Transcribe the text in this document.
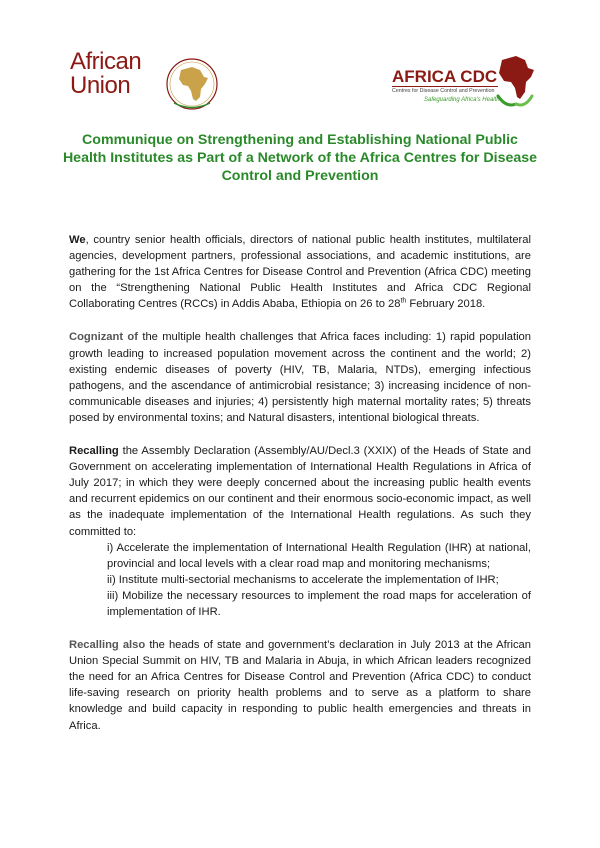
African
Union	AFRICA CDC
Centres for Disease Control and Prevention
Safeguarding Africa's Health
Communique on Strengthening and Establishing National Public Health Institutes as Part of a Network of the Africa Centres for Disease Control and Prevention

We, country senior health officials, directors of national public health institutes, multilateral agencies, development partners, professional associations, and academic institutions, are gathering for the 1st Africa Centres for Disease Control and Prevention (Africa CDC) meeting on the “Strengthening National Public Health Institutes and Africa CDC Regional Collaborating Centres (RCCs) in Addis Ababa, Ethiopia on 26 to 28th February 2018.

Cognizant of the multiple health challenges that Africa faces including: 1) rapid population growth leading to increased population movement across the continent and the world; 2) existing endemic diseases of poverty (HIV, TB, Malaria, NTDs), emerging infectious pathogens, and the ascendance of antimicrobial resistance; 3) increasing incidence of non-communicable diseases and injuries; 4) persistently high maternal mortality rates; 5) threats posed by environmental toxins; and Natural disasters, intentional biological threats.

Recalling the Assembly Declaration (Assembly/AU/Decl.3 (XXIX) of the Heads of State and Government on accelerating implementation of International Health Regulations in Africa of July 2017; in which they were deeply concerned about the increasing public health events and recurrent epidemics on our continent and their enormous socio-economic impact, as well as the inadequate implementation of the International Health regulations. As such they committed to:

i) Accelerate the implementation of International Health Regulation (IHR) at national, provincial and local levels with a clear road map and monitoring mechanisms;
ii) Institute multi-sectorial mechanisms to accelerate the implementation of IHR;
iii) Mobilize the necessary resources to implement the road maps for acceleration of implementation of IHR.

Recalling also the heads of state and government’s declaration in July 2013 at the African Union Special Summit on HIV, TB and Malaria in Abuja, in which African leaders recognized the need for an Africa Centres for Disease Control and Prevention (Africa CDC) to conduct life-saving research on priority health problems and to serve as a platform to share knowledge and build capacity in responding to public health emergencies and threats in Africa.
